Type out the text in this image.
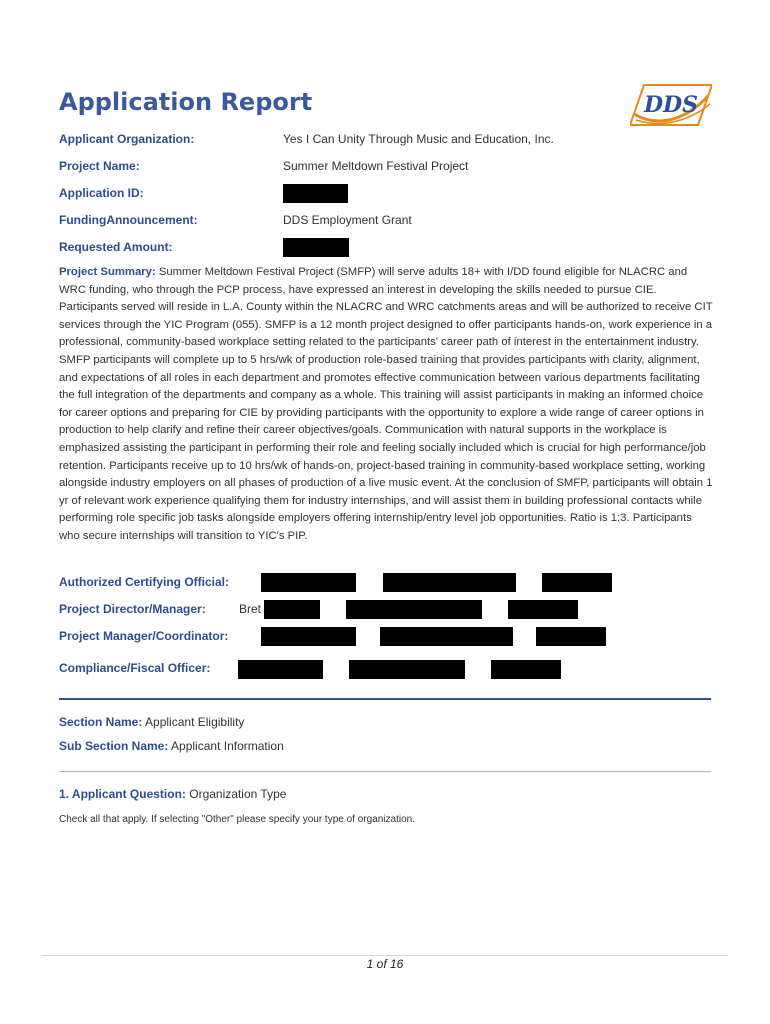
Application Report	DDS
Applicant Organization:	Yes I Can Unity Through Music and Education, Inc.
Project Name:	Summer Meltdown Festival Project
Application ID:
FundingAnnouncement:	DDS Employment Grant
Requested Amount:

Project Summary: Summer Meltdown Festival Project (SMFP) will serve adults 18+ with I/DD found eligible for NLACRC and WRC funding, who through the PCP process, have expressed an interest in developing the skills needed to pursue CIE. Participants served will reside in L.A. County within the NLACRC and WRC catchments areas and will be authorized to receive CIT services through the YIC Program (055). SMFP is a 12 month project designed to offer participants hands-on, work experience in a professional, community-based workplace setting related to the participants' career path of interest in the entertainment industry. SMFP participants will complete up to 5 hrs/wk of production role-based training that provides participants with clarity, alignment, and expectations of all roles in each department and promotes effective communication between various departments facilitating the full integration of the departments and company as a whole. This training will assist participants in making an informed choice for career options and preparing for CIE by providing participants with the opportunity to explore a wide range of career options in production to help clarify and refine their career objectives/goals. Communication with natural supports in the workplace is emphasized assisting the participant in performing their role and feeling socially included which is crucial for high performance/job retention. Participants receive up to 10 hrs/wk of hands-on, project-based training in community-based workplace setting, working alongside industry employers on all phases of production of a live music event. At the conclusion of SMFP, participants will obtain 1 yr of relevant work experience qualifying them for industry internships, and will assist them in building professional contacts while performing role specific job tasks alongside employers offering internship/entry level job opportunities. Ratio is 1:3. Participants who secure internships will transition to YIC's PIP.

Authorized Certifying Official:
Project Director/Manager:	Bret
Project Manager/Coordinator:
Compliance/Fiscal Officer:
Section Name: Applicant Eligibility
Sub Section Name: Applicant Information
1. Applicant Question: Organization Type
Check all that apply. If selecting "Other" please specify your type of organization.
1 of 16
